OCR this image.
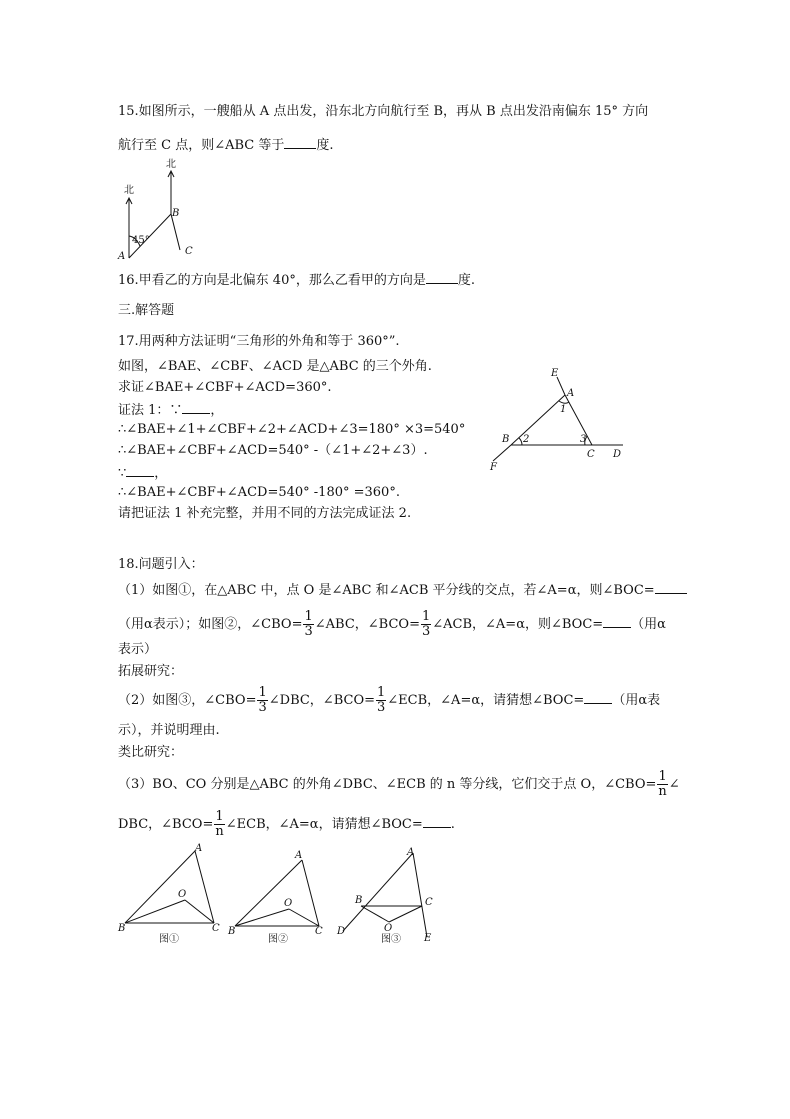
15.如图所示，一艘船从 A 点出发，沿东北方向航行至 B，再从 B 点出发沿南偏东 15° 方向
航行至 C 点，则∠ABC 等于 度.
北
北
A
B
C
45°
16.甲看乙的方向是北偏东 40°，那么乙看甲的方向是 度.
三.解答题
17.用两种方法证明“三角形的外角和等于 360°”.
如图，∠BAE、∠CBF、∠ACD 是△ABC 的三个外角.
求证∠BAE+∠CBF+∠ACD=360°.
证法 1：∵ ，
∴∠BAE+∠1+∠CBF+∠2+∠ACD+∠3=180° ×3=540°
∴∠BAE+∠CBF+∠ACD=540° -（∠1+∠2+∠3）.
∵ ，
∴∠BAE+∠CBF+∠ACD=540° -180° =360°.
请把证法 1 补充完整，并用不同的方法完成证法 2.
E
A
1
B 2	3
C D
F
18.问题引入：
（1）如图①，在△ABC 中，点 O 是∠ABC 和∠ACB 平分线的交点，若∠A=α，则∠BOC=
（用α表示）；如图②，∠CBO= $\frac{1}{3}$ ∠ABC，∠BCO= $\frac{1}{3}$ ∠ACB，∠A=α，则∠BOC= （用α
表示）
拓展研究：
（2）如图③，∠CBO= $\frac{1}{3}$ ∠DBC，∠BCO= $\frac{1}{3}$ ∠ECB，∠A=α，请猜想∠BOC= （用α表
示），并说明理由.
类比研究：
（3）BO、CO 分别是△ABC 的外角∠DBC、∠ECB 的 n 等分线，它们交于点 O，∠CBO= $\frac{1}{n}$ ∠
DBC，∠BCO= $\frac{1}{n}$ ∠ECB，∠A=α，请猜想∠BOC= .
A
O
B	C
图①
A
O
B	C
图②
A
B	C
O
D
E
图③
